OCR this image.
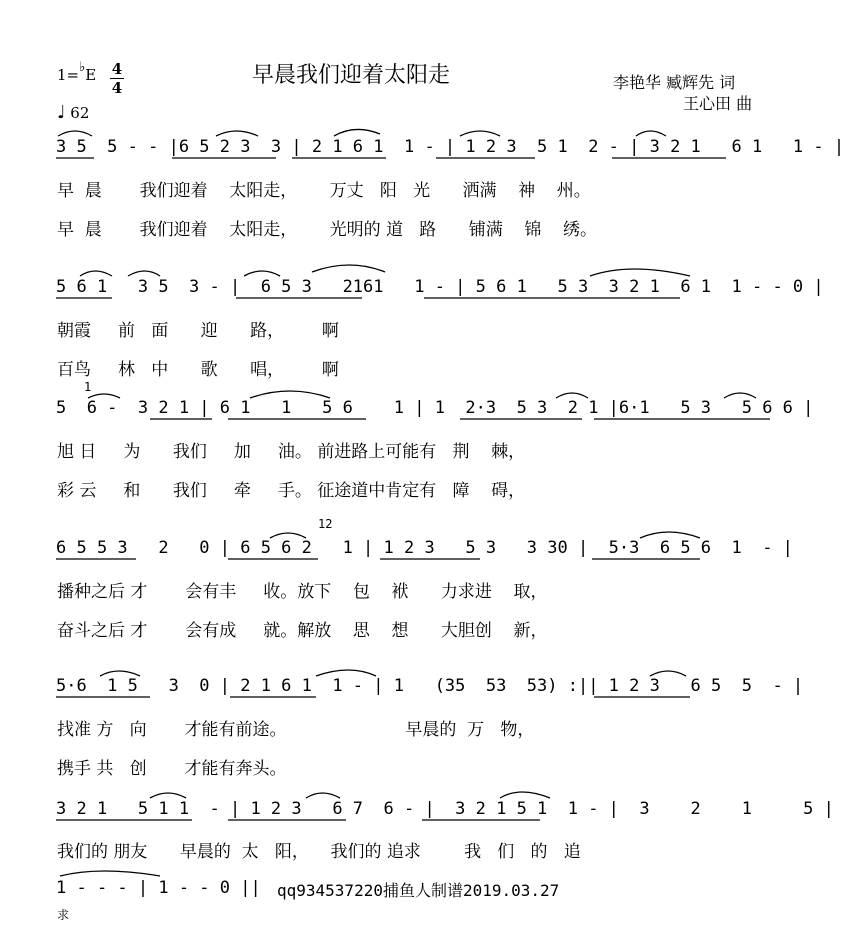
1=♭E 4
4
♩ 62
早晨我们迎着太阳走	李艳华 臧辉先 词
王心田 曲
3 5  5 - - |6 5 2 3  3 | 2 1 6 1  1 - | 1 2 3  5 1  2 - | 3 2 1   6 1   1 - |
早  晨       我们迎着    太阳走，      万丈   阳   光      洒满    神    州。
早  晨       我们迎着    太阳走，      光明的 道   路      铺满    锦    绣。
5 6 1   3 5  3 - |  6 5 3   2161   1 - | 5 6 1   5 3  3 2 1  6 1  1 - - 0 |
朝霞     前   面      迎      路，       啊
百鸟     林   中      歌      唱，       啊
1
5  6 -  3 2 1 | 6 1   1   5 6    1 | 1  2·3  5 3  2 1 |6·1   5 3   5 6 6 |
旭 日     为      我们     加     油。 前进路上可能有   荆    棘，
彩 云     和      我们     牵     手。 征途道中肯定有   障    碍，
12
6 5 5 3   2   0 | 6 5 6 2   1 | 1 2 3   5 3   3 30 |  5·3  6 5 6  1  - |
播种之后 才       会有丰     收。放下    包    袱      力求进    取，
奋斗之后 才       会有成     就。解放    思    想      大胆创    新，
5·6  1 5   3  0 | 2 1 6 1  1 - | 1   (35  53  53) :|| 1 2 3   6 5  5  - |
找准 方   向       才能有前途。                      早晨的  万   物，
携手 共   创       才能有奔头。
3 2 1   5 1 1  - | 1 2 3   6 7  6 - |  3 2 1 5 1  1 - |  3    2    1     5 |
我们的 朋友      早晨的  太   阳，    我们的 追求        我   们   的   追
1 - - - | 1 - - 0 ||
求
qq934537220捕鱼人制谱2019.03.27
